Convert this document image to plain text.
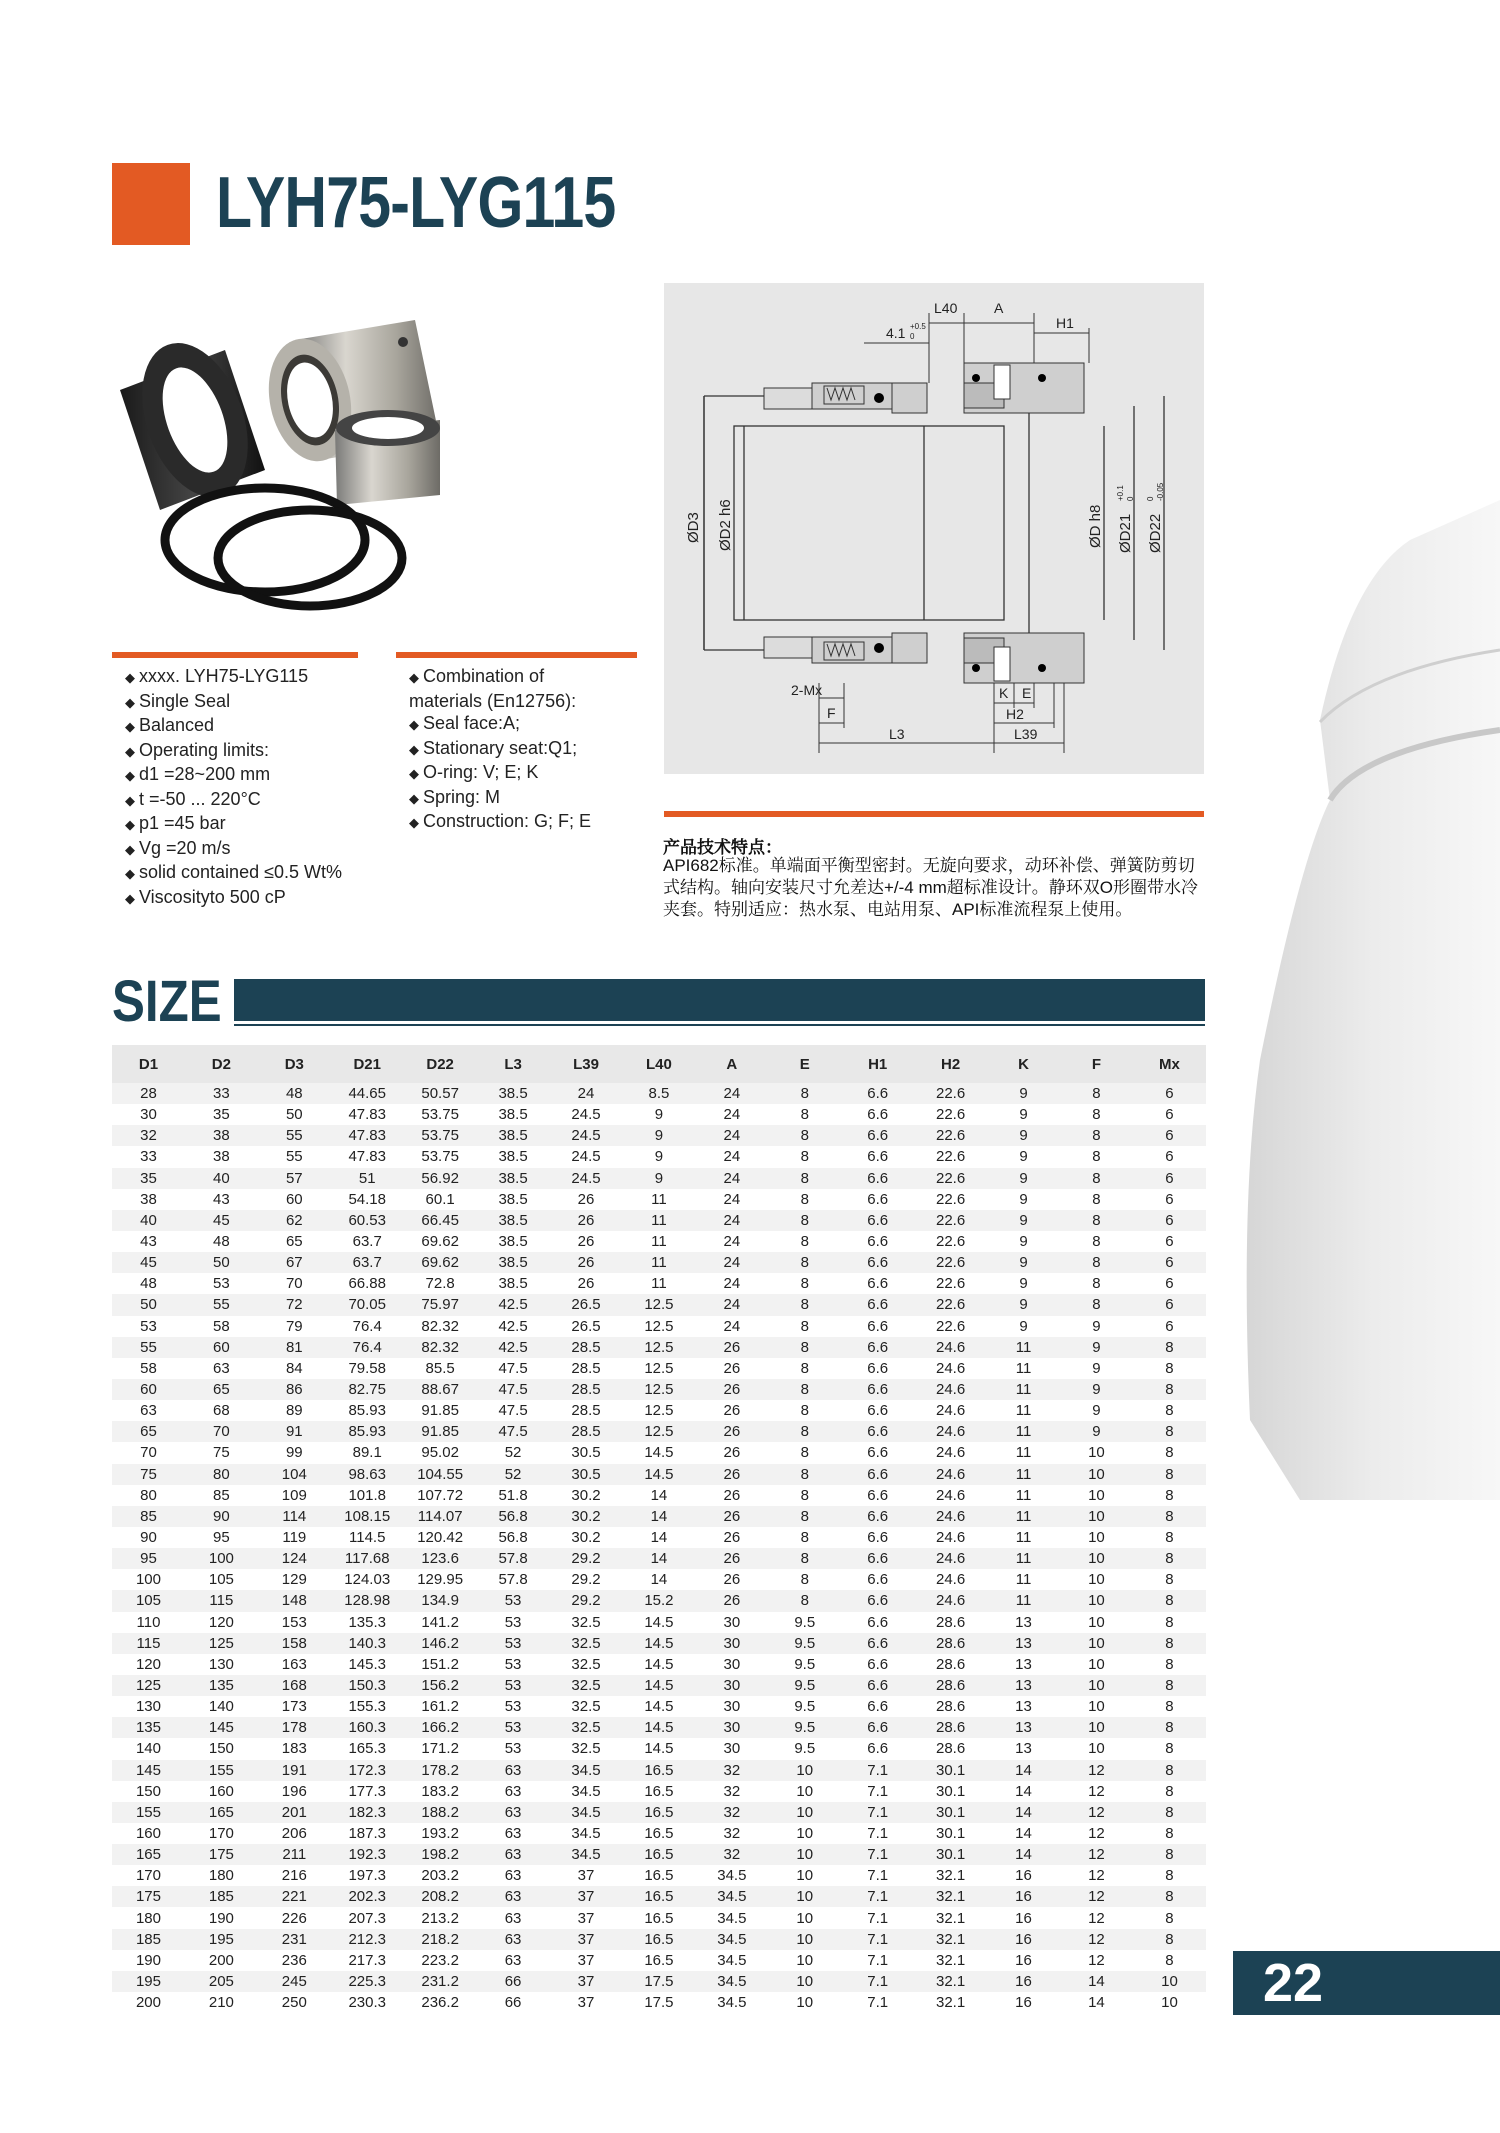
LYH75-LYG115
◆ xxxx. LYH75-LYG115
◆ Single Seal
◆ Balanced
◆ Operating limits:
◆ d1 =28~200 mm
◆ t =-50 ... 220°C
◆ p1 =45 bar
◆ Vg =20 m/s
◆ solid contained ≤0.5 Wt%
◆ Viscosityto 500 cP
◆ Combination of
materials (En12756):
◆ Seal face:A;
◆ Stationary seat:Q1;
◆ O-ring: V; E; K
◆ Spring: M
◆ Construction: G; F; E
L40	A
H1
4.1 +0.5
0
2-Mx
F
K E
H2
L3	L39
ØD3 ØD2 h6	ØD h8 ØD21 ØD22
+0.1 0 0 -0.05
产品技术特点：
API682标准。单端面平衡型密封。无旋向要求，动环补偿、弹簧防剪切式结构。轴向安装尺寸允差达+/-4 mm超标准设计。静环双O形圈带水冷夹套。特别适应：热水泵、电站用泵、API标准流程泵上使用。
SIZE
D1	D2	D3	D21	D22	L3	L39	L40	A	E	H1	H2	K	F	Mx
28	33	48	44.65	50.57	38.5	24	8.5	24	8	6.6	22.6	9	8	6
30	35	50	47.83	53.75	38.5	24.5	9	24	8	6.6	22.6	9	8	6
32	38	55	47.83	53.75	38.5	24.5	9	24	8	6.6	22.6	9	8	6
33	38	55	47.83	53.75	38.5	24.5	9	24	8	6.6	22.6	9	8	6
35	40	57	51	56.92	38.5	24.5	9	24	8	6.6	22.6	9	8	6
38	43	60	54.18	60.1	38.5	26	11	24	8	6.6	22.6	9	8	6
40	45	62	60.53	66.45	38.5	26	11	24	8	6.6	22.6	9	8	6
43	48	65	63.7	69.62	38.5	26	11	24	8	6.6	22.6	9	8	6
45	50	67	63.7	69.62	38.5	26	11	24	8	6.6	22.6	9	8	6
48	53	70	66.88	72.8	38.5	26	11	24	8	6.6	22.6	9	8	6
50	55	72	70.05	75.97	42.5	26.5	12.5	24	8	6.6	22.6	9	8	6
53	58	79	76.4	82.32	42.5	26.5	12.5	24	8	6.6	22.6	9	9	6
55	60	81	76.4	82.32	42.5	28.5	12.5	26	8	6.6	24.6	11	9	8
58	63	84	79.58	85.5	47.5	28.5	12.5	26	8	6.6	24.6	11	9	8
60	65	86	82.75	88.67	47.5	28.5	12.5	26	8	6.6	24.6	11	9	8
63	68	89	85.93	91.85	47.5	28.5	12.5	26	8	6.6	24.6	11	9	8
65	70	91	85.93	91.85	47.5	28.5	12.5	26	8	6.6	24.6	11	9	8
70	75	99	89.1	95.02	52	30.5	14.5	26	8	6.6	24.6	11	10	8
75	80	104	98.63	104.55	52	30.5	14.5	26	8	6.6	24.6	11	10	8
80	85	109	101.8	107.72	51.8	30.2	14	26	8	6.6	24.6	11	10	8
85	90	114	108.15	114.07	56.8	30.2	14	26	8	6.6	24.6	11	10	8
90	95	119	114.5	120.42	56.8	30.2	14	26	8	6.6	24.6	11	10	8
95	100	124	117.68	123.6	57.8	29.2	14	26	8	6.6	24.6	11	10	8
100	105	129	124.03	129.95	57.8	29.2	14	26	8	6.6	24.6	11	10	8
105	115	148	128.98	134.9	53	29.2	15.2	26	8	6.6	24.6	11	10	8
110	120	153	135.3	141.2	53	32.5	14.5	30	9.5	6.6	28.6	13	10	8
115	125	158	140.3	146.2	53	32.5	14.5	30	9.5	6.6	28.6	13	10	8
120	130	163	145.3	151.2	53	32.5	14.5	30	9.5	6.6	28.6	13	10	8
125	135	168	150.3	156.2	53	32.5	14.5	30	9.5	6.6	28.6	13	10	8
130	140	173	155.3	161.2	53	32.5	14.5	30	9.5	6.6	28.6	13	10	8
135	145	178	160.3	166.2	53	32.5	14.5	30	9.5	6.6	28.6	13	10	8
140	150	183	165.3	171.2	53	32.5	14.5	30	9.5	6.6	28.6	13	10	8
145	155	191	172.3	178.2	63	34.5	16.5	32	10	7.1	30.1	14	12	8
150	160	196	177.3	183.2	63	34.5	16.5	32	10	7.1	30.1	14	12	8
155	165	201	182.3	188.2	63	34.5	16.5	32	10	7.1	30.1	14	12	8
160	170	206	187.3	193.2	63	34.5	16.5	32	10	7.1	30.1	14	12	8
165	175	211	192.3	198.2	63	34.5	16.5	32	10	7.1	30.1	14	12	8
170	180	216	197.3	203.2	63	37	16.5	34.5	10	7.1	32.1	16	12	8
175	185	221	202.3	208.2	63	37	16.5	34.5	10	7.1	32.1	16	12	8
180	190	226	207.3	213.2	63	37	16.5	34.5	10	7.1	32.1	16	12	8
185	195	231	212.3	218.2	63	37	16.5	34.5	10	7.1	32.1	16	12	8
190	200	236	217.3	223.2	63	37	16.5	34.5	10	7.1	32.1	16	12	8
195	205	245	225.3	231.2	66	37	17.5	34.5	10	7.1	32.1	16	14	10
200	210	250	230.3	236.2	66	37	17.5	34.5	10	7.1	32.1	16	14	10 22
